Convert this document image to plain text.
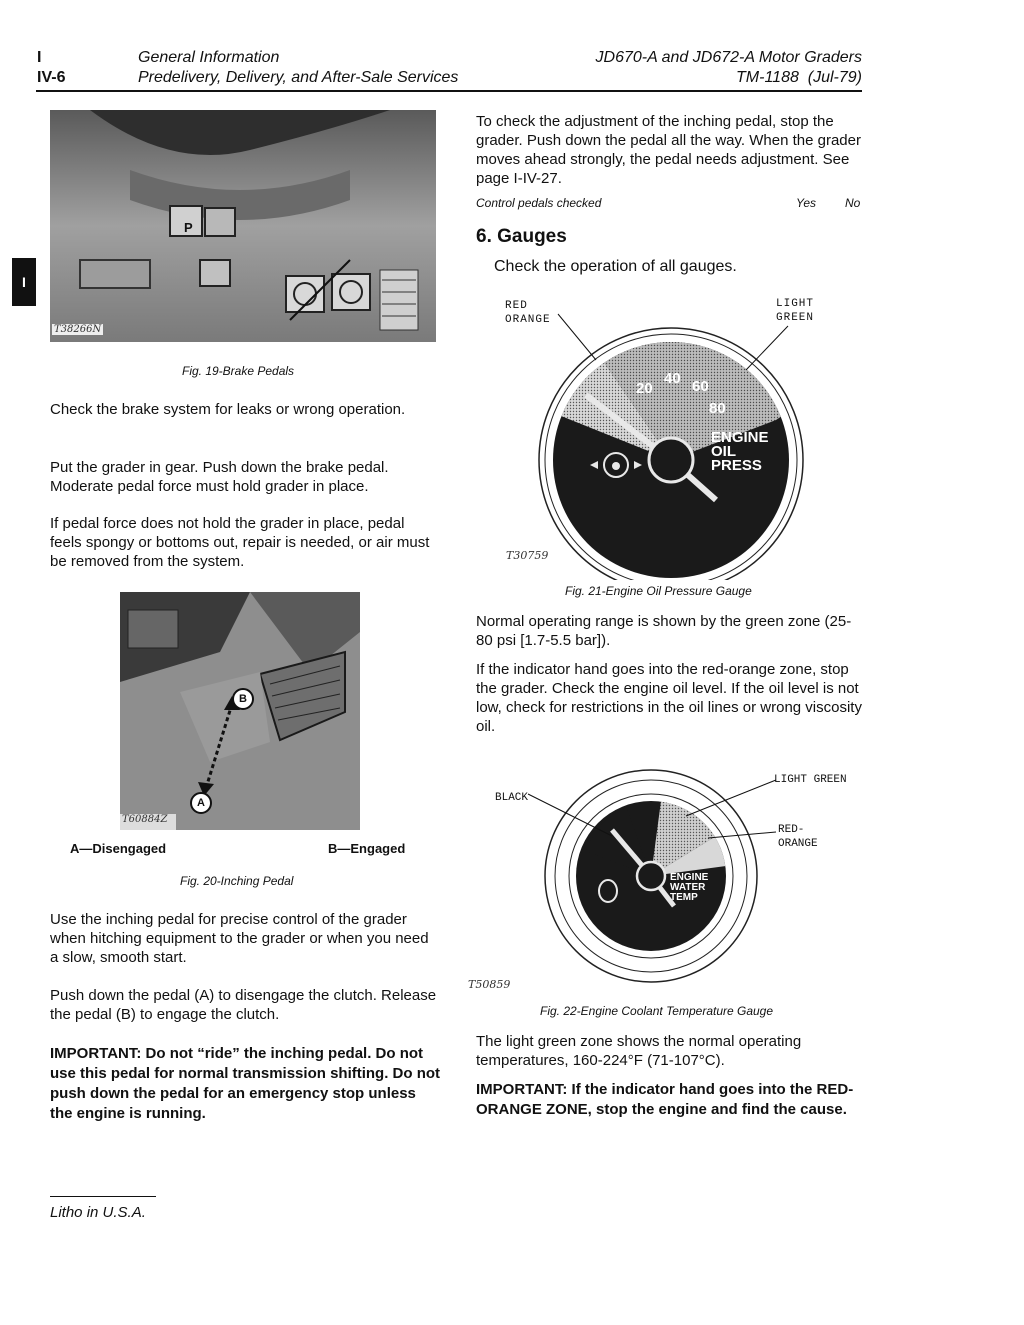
I
IV-6
General Information
Predelivery, Delivery, and After-Sale Services
JD670-A and JD672-A Motor Graders
TM-1188  (Jul-79)
I
P
T38266N
Fig. 19-Brake Pedals
Check the brake system for leaks or wrong operation.
Put the grader in gear. Push down the brake pedal. Moderate pedal force must hold grader in place.
If pedal force does not hold the grader in place, pedal feels spongy or bottoms out, repair is needed, or air must be removed from the system.
B
A
T60884Z
A—Disengaged	B—Engaged
Fig. 20-Inching Pedal
Use the inching pedal for precise control of the grader when hitching equipment to the grader or when you need a slow, smooth start.
Push down the pedal (A) to disengage the clutch. Release the pedal (B) to engage the clutch.
IMPORTANT: Do not “ride” the inching pedal. Do not use this pedal for normal transmission shifting. Do not push down the pedal for an emergency stop unless the engine is running.
To check the adjustment of the inching pedal, stop the grader. Push down the pedal all the way. When the grader moves ahead strongly, the pedal needs adjustment. See page I-IV-27.
Control pedals checked	Yes No
6. Gauges
Check the operation of all gauges.
RED
ORANGE
LIGHT
GREEN
20
40 60
80
ENGINE
OIL
PRESS
T30759
Fig. 21-Engine Oil Pressure Gauge
Normal operating range is shown by the green zone (25-80 psi [1.7-5.5 bar]).
If the indicator hand goes into the red-orange zone, stop the grader. Check the engine oil level. If the oil level is not low, check for restrictions in the oil lines or wrong viscosity oil.
BLACK
LIGHT GREEN
RED-
ORANGE
ENGINE
WATER
TEMP
T50859
Fig. 22-Engine Coolant Temperature Gauge
The light green zone shows the normal operating temperatures, 160-224°F (71-107°C).
IMPORTANT: If the indicator hand goes into the RED-ORANGE ZONE, stop the engine and find the cause.
Litho in U.S.A.
